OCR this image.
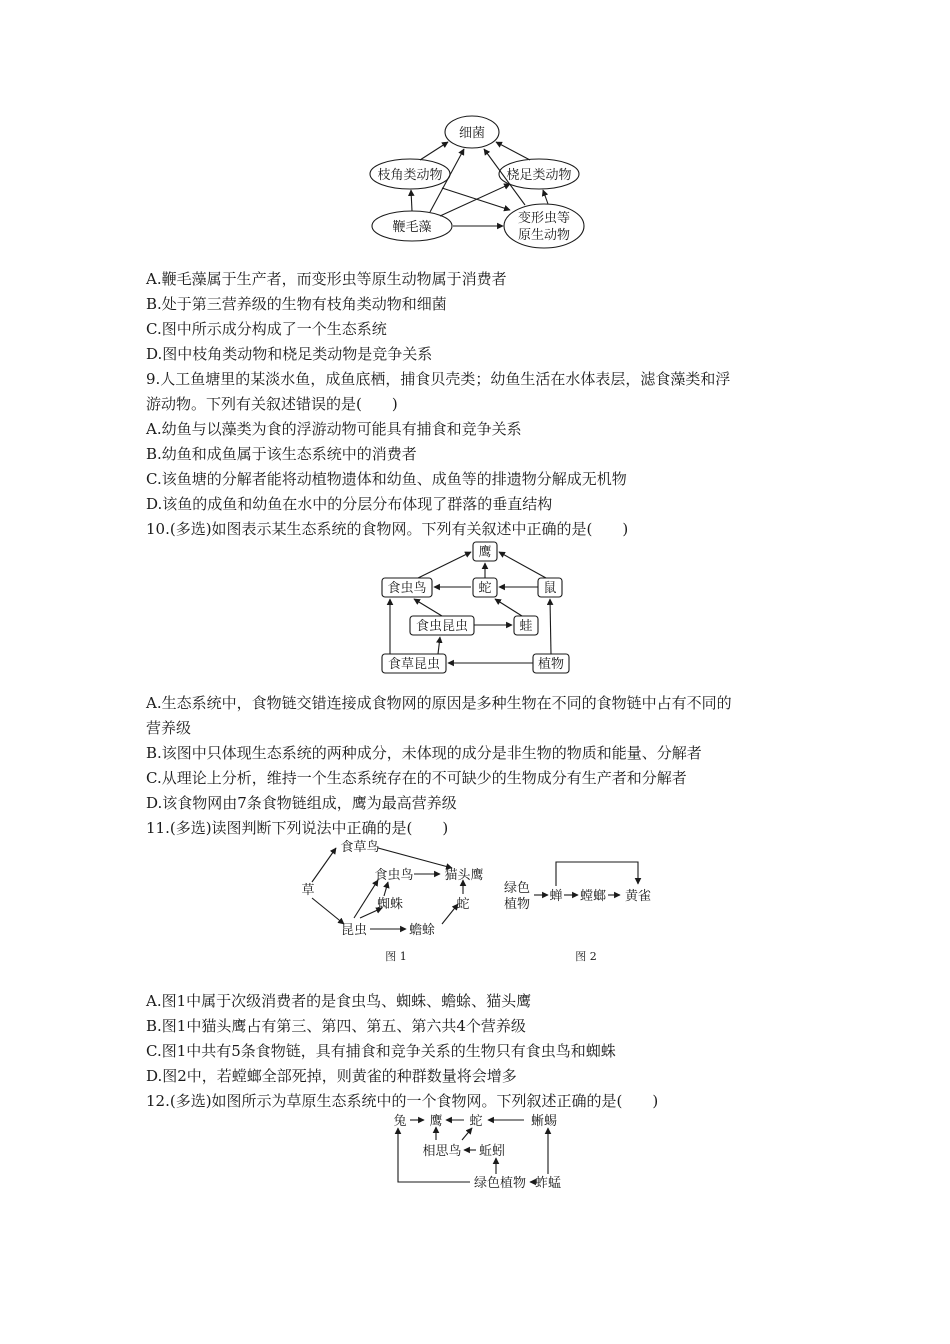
细菌
枝角类动物	桡足类动物
鞭毛藻
变形虫等
原生动物
A.鞭毛藻属于生产者，而变形虫等原生动物属于消费者
B.处于第三营养级的生物有枝角类动物和细菌
C.图中所示成分构成了一个生态系统
D.图中枝角类动物和桡足类动物是竞争关系
9.人工鱼塘里的某淡水鱼，成鱼底栖，捕食贝壳类；幼鱼生活在水体表层，滤食藻类和浮
游动物。下列有关叙述错误的是(　　)
A.幼鱼与以藻类为食的浮游动物可能具有捕食和竞争关系
B.幼鱼和成鱼属于该生态系统中的消费者
C.该鱼塘的分解者能将动植物遗体和幼鱼、成鱼等的排遗物分解成无机物
D.该鱼的成鱼和幼鱼在水中的分层分布体现了群落的垂直结构
10.(多选)如图表示某生态系统的食物网。下列有关叙述中正确的是(　　)
鹰
食虫鸟	蛇	鼠
食虫昆虫	蛙
食草昆虫	植物
A.生态系统中，食物链交错连接成食物网的原因是多种生物在不同的食物链中占有不同的
营养级
B.该图中只体现生态系统的两种成分，未体现的成分是非生物的物质和能量、分解者
C.从理论上分析，维持一个生态系统存在的不可缺少的生物成分有生产者和分解者
D.该食物网由7条食物链组成，鹰为最高营养级
11.(多选)读图判断下列说法中正确的是(　　)
食草鸟
草
食虫鸟 猫头鹰
蜘蛛	蛇
昆虫	蟾蜍
图 1
绿色
植物
蝉 螳螂 黄雀
图 2
A.图1中属于次级消费者的是食虫鸟、蜘蛛、蟾蜍、猫头鹰
B.图1中猫头鹰占有第三、第四、第五、第六共4个营养级
C.图1中共有5条食物链，具有捕食和竞争关系的生物只有食虫鸟和蜘蛛
D.图2中，若螳螂全部死掉，则黄雀的种群数量将会增多
12.(多选)如图所示为草原生态系统中的一个食物网。下列叙述正确的是(　　)
兔 鹰 蛇	蜥蜴
相思鸟 蚯蚓
绿色植物 蚱蜢
